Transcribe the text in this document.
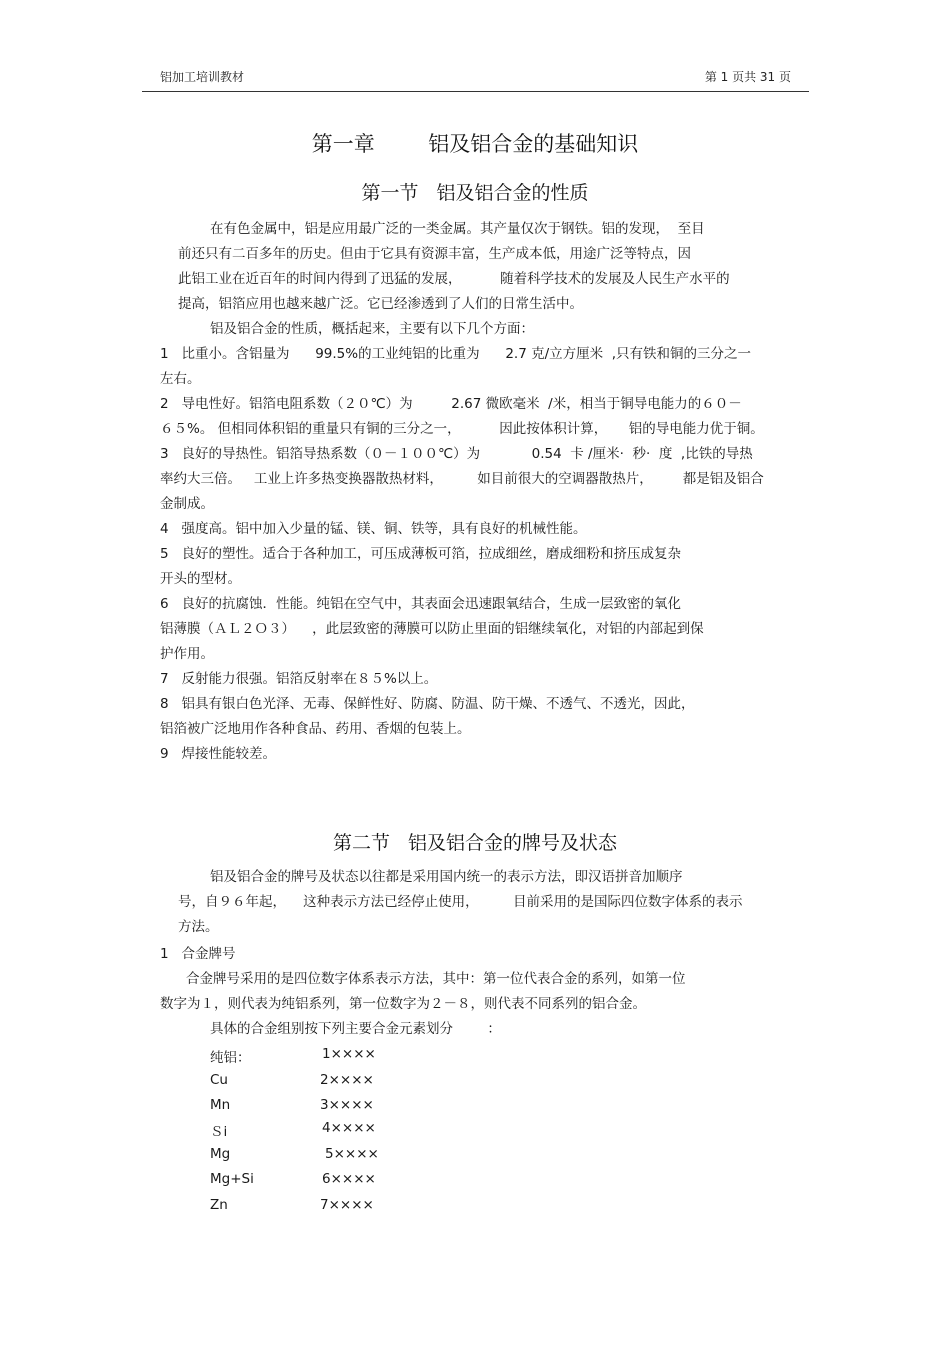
铝加工培训教材	第 1 页共 31 页
第一章        铝及铝合金的基础知识
第一节   铝及铝合金的性质
在有色金属中，铝是应用最广泛的一类金属。其产量仅次于钢铁。铝的发现，  至目
前还只有二百多年的历史。但由于它具有资源丰富，生产成本低，用途广泛等特点，因
此铝工业在近百年的时间内得到了迅猛的发展，         随着科学技术的发展及人民生产水平的
提高，铝箔应用也越来越广泛。它已经渗透到了人们的日常生活中。
铝及铝合金的性质，概括起来，主要有以下几个方面：
1   比重小。含铝量为      99.5%的工业纯铝的比重为      2.7 克/立方厘米  ,只有铁和铜的三分之一
左右。
2   导电性好。铝箔电阻系数（２０℃）为         2.67 微欧毫米  /米，相当于铜导电能力的６０－
６５%。 但相同体积铝的重量只有铜的三分之一，         因此按体积计算，     铝的导电能力优于铜。
3   良好的导热性。铝箔导热系数（０－１００℃）为            0.54  卡 /厘米·  秒·  度  ,比铁的导热
率约大三倍。   工业上许多热变换器散热材料，        如目前很大的空调器散热片，       都是铝及铝合
金制成。
4   强度高。铝中加入少量的锰、镁、铜、铁等，具有良好的机械性能。
5   良好的塑性。适合于各种加工，可压成薄板可箔，拉成细丝，磨成细粉和挤压成复杂
开头的型材。
6   良好的抗腐蚀．性能。纯铝在空气中，其表面会迅速跟氧结合，生成一层致密的氧化
铝薄膜（ＡＬ２Ｏ３）    ，此层致密的薄膜可以防止里面的铝继续氧化，对铝的内部起到保
护作用。
7   反射能力很强。铝箔反射率在８５%以上。
8   铝具有银白色光泽、无毒、保鲜性好、防腐、防温、防干燥、不透气、不透光，因此，
铝箔被广泛地用作各种食品、药用、香烟的包装上。
9   焊接性能较差。
第二节   铝及铝合金的牌号及状态
铝及铝合金的牌号及状态以往都是采用国内统一的表示方法，即汉语拼音加顺序
号，自９６年起，    这种表示方法已经停止使用，        目前采用的是国际四位数字体系的表示
方法。
1   合金牌号
合金牌号采用的是四位数字体系表示方法，其中：第一位代表合金的系列，如第一位
数字为１，则代表为纯铝系列，第一位数字为２－８，则代表不同系列的铝合金。
具体的合金组别按下列主要合金元素划分        ：
纯铝：	1××××
Cu	2××××
Mn	3××××
Ｓi	4××××
Mg	5××××
Mg+Si	6××××
Zn	7××××
